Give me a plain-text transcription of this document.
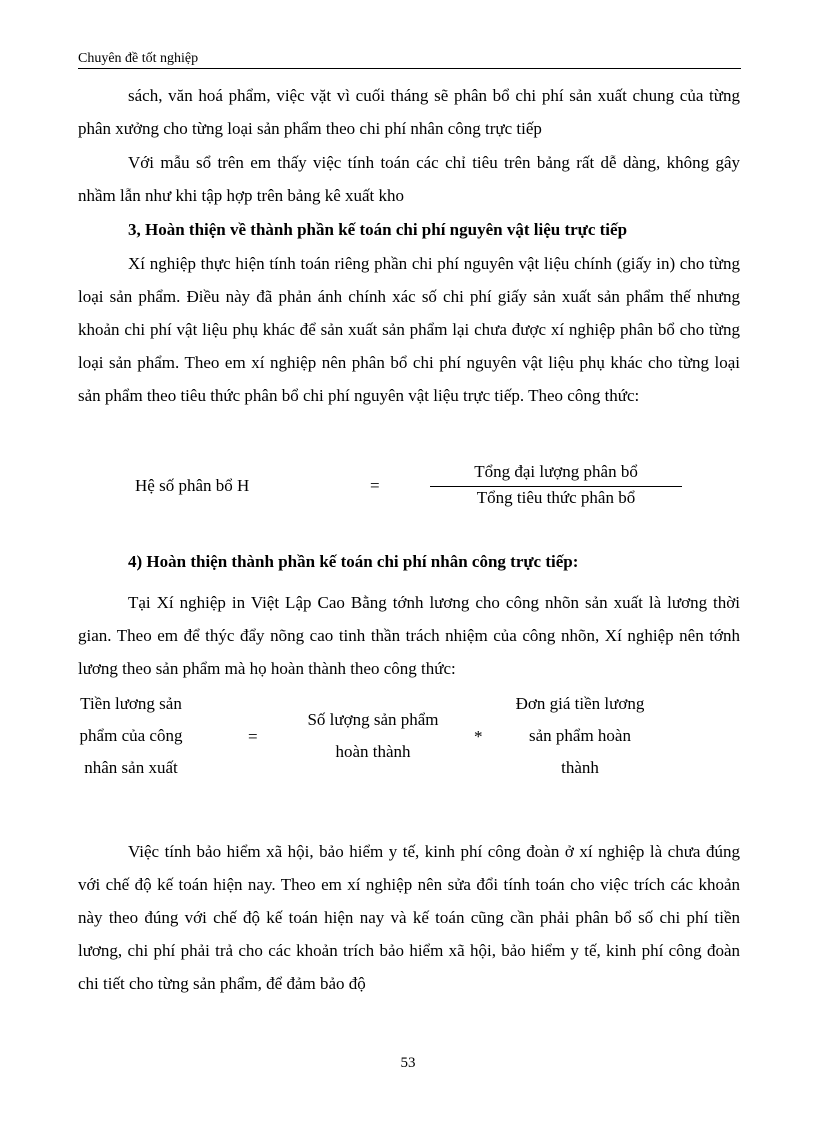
Chuyên đề tốt nghiệp

sách, văn hoá phẩm, việc vặt vì cuối tháng sẽ phân bổ chi phí sản xuất chung của từng phân xưởng cho từng loại sản phẩm theo chi phí nhân công trực tiếp

Với mẫu sổ trên em thấy việc tính toán các chỉ tiêu trên bảng rất dễ dàng, không gây nhầm lẫn như khi tập hợp trên bảng kê xuất kho

3, Hoàn thiện về thành phần kế toán chi phí nguyên vật liệu trực tiếp

Xí nghiệp thực hiện tính toán riêng phần chi phí nguyên vật liệu chính (giấy in) cho từng loại sản phẩm. Điều này đã phản ánh chính xác số chi phí giấy sản xuất sản phẩm thế nhưng khoản chi phí vật liệu phụ khác để sản xuất sản phẩm lại chưa được xí nghiệp phân bổ cho từng loại sản phẩm. Theo em xí nghiệp nên phân bổ chi phí nguyên vật liệu phụ khác cho từng loại sản phẩm theo tiêu thức phân bổ chi phí nguyên vật liệu trực tiếp. Theo công thức:

Hệ số phân bổ H	=
Tổng đại lượng phân bổ
Tổng tiêu thức phân bổ

4) Hoàn thiện thành phần kế toán chi phí nhân công trực tiếp:

Tại Xí nghiệp in Việt Lập Cao Bằng tớnh lương cho công nhõn sản xuất là lương thời gian. Theo em để thýc đẩy nõng cao tinh thần trách nhiệm của công nhõn, Xí nghiệp nên tớnh lương theo sản phẩm mà họ hoàn thành theo công thức:

Tiền lương sản
phẩm của công
nhân sản xuất
=
Số lượng sản phẩm
hoàn thành
*
Đơn giá tiền lương
sản phẩm hoàn
thành

Việc tính bảo hiểm xã hội, bảo hiểm y tế, kinh phí công đoàn ở xí nghiệp là chưa đúng với chế độ kế toán hiện nay. Theo em xí nghiệp nên sửa đổi tính toán cho việc trích các khoản này theo đúng với chế độ kế toán hiện nay và kế toán cũng cần phải phân bổ số chi phí tiền lương, chi phí phải trả cho các khoản trích bảo hiểm xã hội, bảo hiểm y tế, kinh phí công đoàn chi tiết cho từng sản phẩm, để đảm bảo độ

53
